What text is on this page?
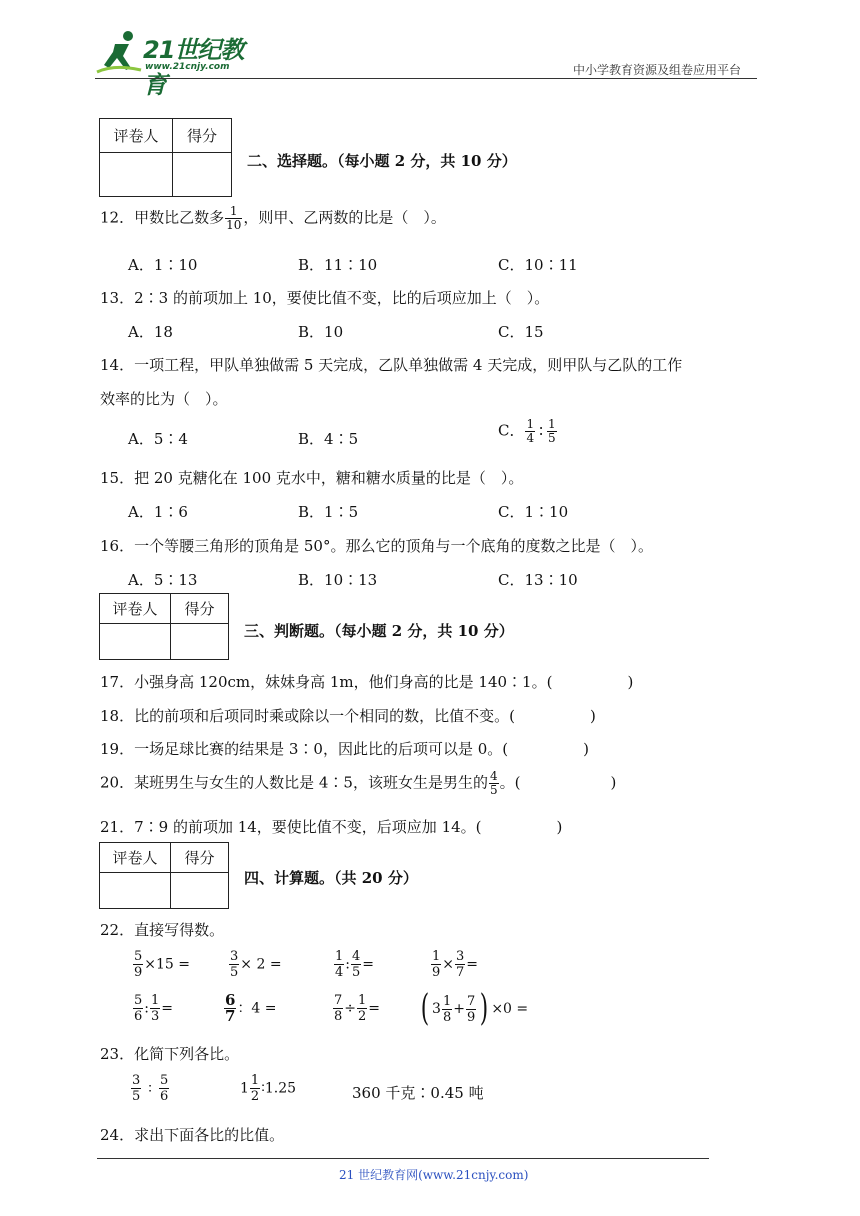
21世纪教育
www.21cnjy.com	中小学教育资源及组卷应用平台
评卷人	得分

二、选择题。（每小题 2 分，共 10 分）
12．甲数比乙数多 $\frac{1}{10}$ ，则甲、乙两数的比是（　）。
A．1∶10	B．11∶10	C．10∶11
13．2∶3 的前项加上 10，要使比值不变，比的后项应加上（　）。
A．18	B．10	C．15
14．一项工程，甲队单独做需 5 天完成，乙队单独做需 4 天完成，则甲队与乙队的工作
效率的比为（　）。
A．5∶4	B．4∶5	C． $\frac{1}{4}$ ∶ $\frac{1}{5}$
15．把 20 克糖化在 100 克水中，糖和糖水质量的比是（　）。
A．1∶6	B．1∶5	C．1∶10
16．一个等腰三角形的顶角是 50°。那么它的顶角与一个底角的度数之比是（　）。
A．5∶13	B．10∶13	C．13∶10
评卷人	得分

三、判断题。（每小题 2 分，共 10 分）
17．小强身高 120cm，妹妹身高 1m，他们身高的比是 140∶1。(　　　　　)
18．比的前项和后项同时乘或除以一个相同的数，比值不变。(　　　　　)
19．一场足球比赛的结果是 3∶0，因此比的后项可以是 0。(　　　　　)
20．某班男生与女生的人数比是 4∶5，该班女生是男生的 $\frac{4}{5}$ 。(　　　　　　)
21．7∶9 的前项加 14，要使比值不变，后项应加 14。(　　　　　)
评卷人	得分

四、计算题。（共 20 分）
22．直接写得数。
$\frac{5}{9} \times 15$ =	$\frac{3}{5} \times 2$ =	$\frac{1}{4}$ : $\frac{4}{5}$ =	$\frac{1}{9} \times \frac{3}{7}$ =
$\frac{5}{6}$ : $\frac{1}{3}$ =	$\frac{6}{7}$ ：4 =	$\frac{7}{8} \div \frac{1}{2}$ = ( $3 \frac{1}{8} + \frac{7}{9}$ ) ×0 =
23．化简下列各比。
$\frac{3}{5}$ ∶ $\frac{5}{6}$	$1 \frac{1}{2}$ ∶1.25	360 千克∶0.45 吨
24．求出下面各比的比值。
21 世纪教育网(www.21cnjy.com)
